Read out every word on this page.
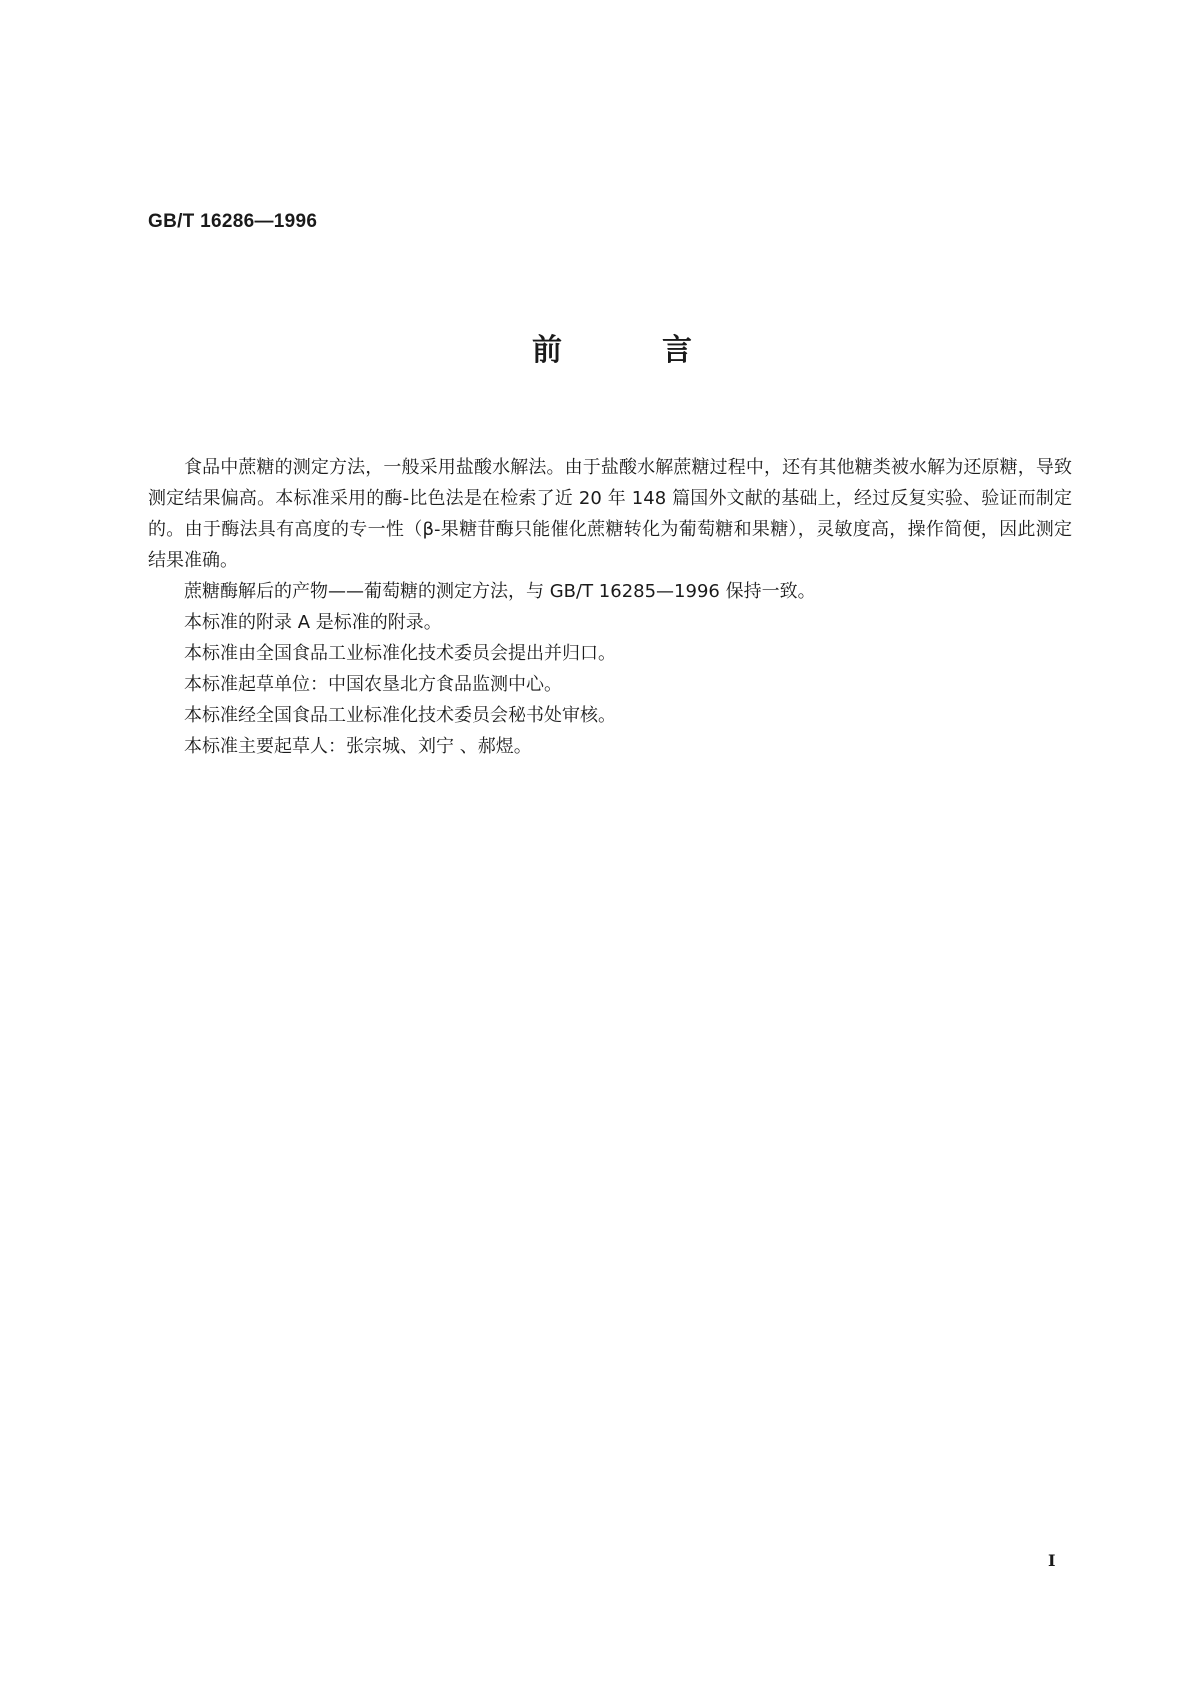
GB/T 16286—1996
前	言

食品中蔗糖的测定方法，一般采用盐酸水解法。由于盐酸水解蔗糖过程中，还有其他糖类被水解为还原糖，导致测定结果偏高。本标准采用的酶-比色法是在检索了近 20 年 148 篇国外文献的基础上，经过反复实验、验证而制定的。由于酶法具有高度的专一性（β-果糖苷酶只能催化蔗糖转化为葡萄糖和果糖），灵敏度高，操作简便，因此测定结果准确。

蔗糖酶解后的产物——葡萄糖的测定方法，与 GB/T 16285—1996 保持一致。

本标准的附录 A 是标准的附录。

本标准由全国食品工业标准化技术委员会提出并归口。

本标准起草单位：中国农垦北方食品监测中心。

本标准经全国食品工业标准化技术委员会秘书处审核。

本标准主要起草人：张宗城、刘宁 、郝煜。

I
